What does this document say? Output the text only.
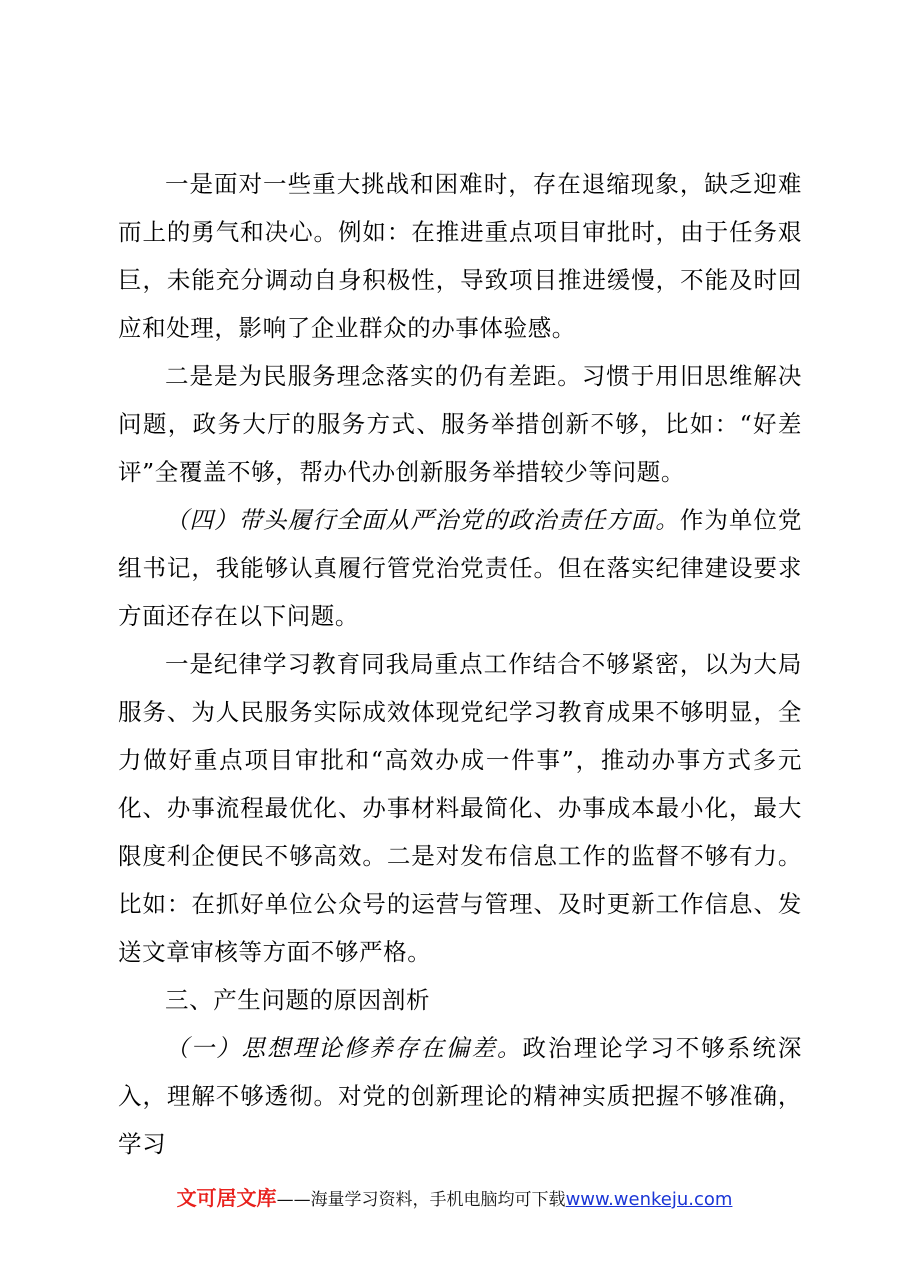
一是面对一些重大挑战和困难时，存在退缩现象，缺乏迎难而上的勇气和决心。例如：在推进重点项目审批时，由于任务艰巨，未能充分调动自身积极性，导致项目推进缓慢，不能及时回应和处理，影响了企业群众的办事体验感。

二是是为民服务理念落实的仍有差距。习惯于用旧思维解决问题，政务大厅的服务方式、服务举措创新不够，比如：“好差评”全覆盖不够，帮办代办创新服务举措较少等问题。

（四）带头履行全面从严治党的政治责任方面。作为单位党组书记，我能够认真履行管党治党责任。但在落实纪律建设要求方面还存在以下问题。

一是纪律学习教育同我局重点工作结合不够紧密，以为大局服务、为人民服务实际成效体现党纪学习教育成果不够明显，全力做好重点项目审批和“高效办成一件事”，推动办事方式多元化、办事流程最优化、办事材料最简化、办事成本最小化，最大限度利企便民不够高效。二是对发布信息工作的监督不够有力。比如：在抓好单位公众号的运营与管理、及时更新工作信息、发送文章审核等方面不够严格。

三、产生问题的原因剖析

（一）思想理论修养存在偏差。政治理论学习不够系统深入，理解不够透彻。对党的创新理论的精神实质把握不够准确，学习

文可居文库——海量学习资料，手机电脑均可下载www.wenkeju.com
